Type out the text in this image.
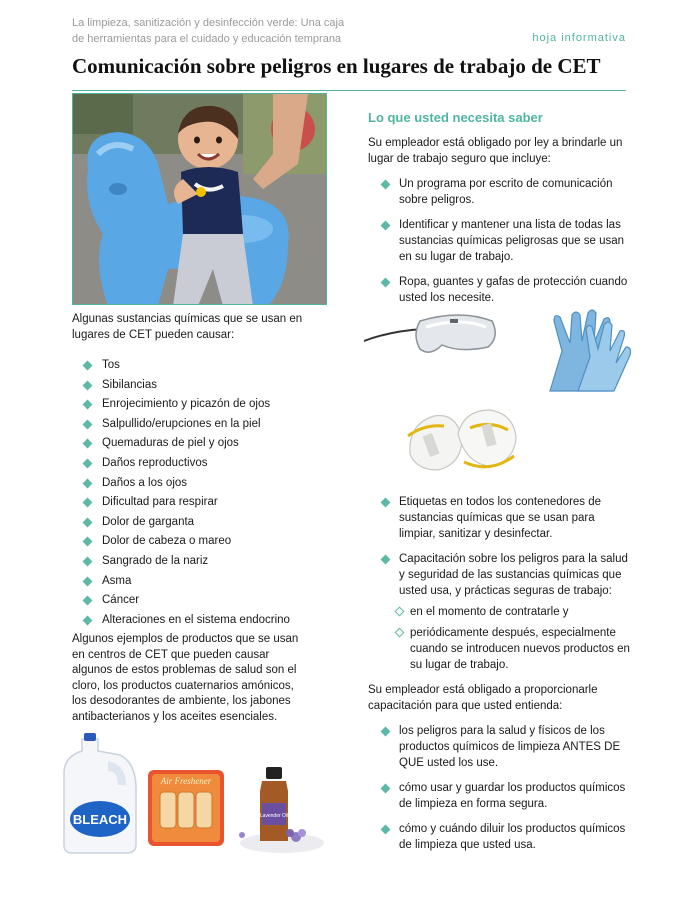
La limpieza, sanitización y desinfección verde: Una caja
de herramientas para el cuidado y educación temprana	hoja informativa
Comunicación sobre peligros en lugares de trabajo de CET

Algunas sustancias químicas que se usan en lugares de CET pueden causar:

Tos
Sibilancias
Enrojecimiento y picazón de ojos
Salpullido/erupciones en la piel
Quemaduras de piel y ojos
Daños reproductivos
Daños a los ojos
Dificultad para respirar
Dolor de garganta
Dolor de cabeza o mareo
Sangrado de la nariz
Asma
Cáncer
Alteraciones en el sistema endocrino

Algunos ejemplos de productos que se usan en centros de CET que pueden causar algunos de estos problemas de salud son el cloro, los productos cuaternarios amónicos, los desodorantes de ambiente, los jabones antibacterianos y los aceites esenciales.

BLEACH
Air Freshener
Lavender Oil
Lo que usted necesita saber

Su empleador está obligado por ley a brindarle un lugar de trabajo seguro que incluye:

Un programa por escrito de comunicación sobre peligros.
Identificar y mantener una lista de todas las sustancias químicas peligrosas que se usan en su lugar de trabajo.
Ropa, guantes y gafas de protección cuando usted los necesite.
Etiquetas en todos los contenedores de sustancias químicas que se usan para limpiar, sanitizar y desinfectar.
Capacitación sobre los peligros para la salud y seguridad de las sustancias químicas que usted usa, y prácticas seguras de trabajo:
en el momento de contratarle y
periódicamente después, especialmente cuando se introducen nuevos productos en su lugar de trabajo.

Su empleador está obligado a proporcionarle capacitación para que usted entienda:

los peligros para la salud y físicos de los productos químicos de limpieza ANTES DE QUE usted los use.
cómo usar y guardar los productos químicos de limpieza en forma segura.
cómo y cuándo diluir los productos químicos de limpieza que usted usa.
